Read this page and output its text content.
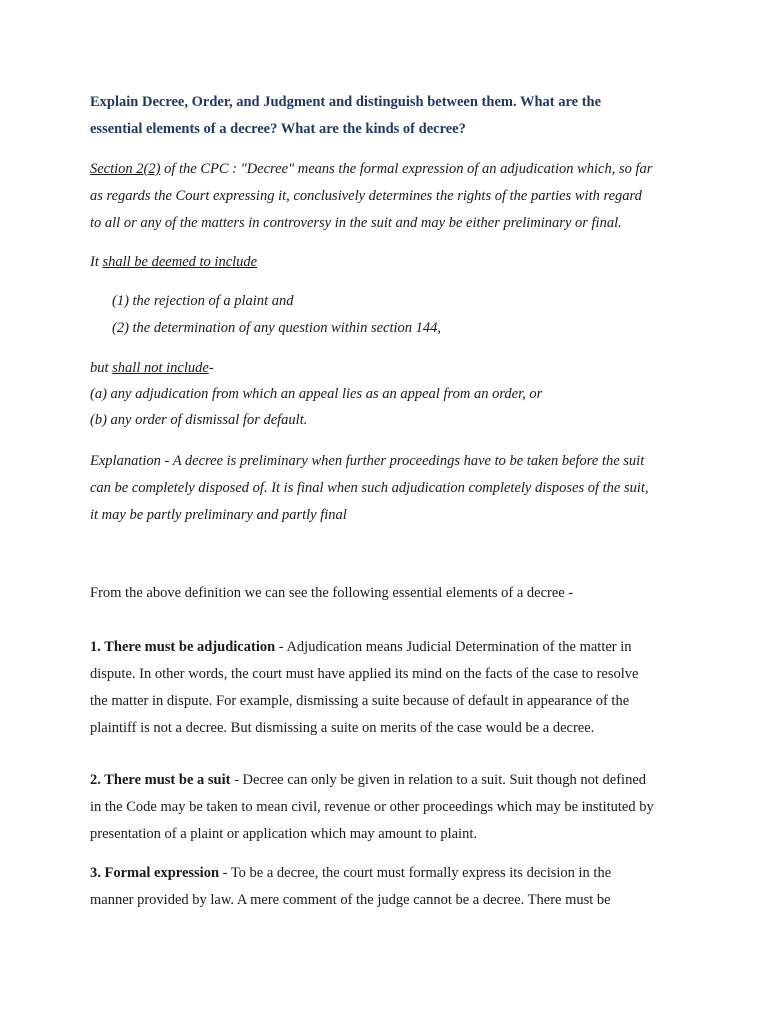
Explain Decree, Order, and Judgment and distinguish between them. What are the
essential elements of a decree? What are the kinds of decree?
Section 2(2) of the CPC : "Decree" means the formal expression of an adjudication which, so far
as regards the Court expressing it, conclusively determines the rights of the parties with regard
to all or any of the matters in controversy in the suit and may be either preliminary or final.
It shall be deemed to include
(1) the rejection of a plaint and
(2) the determination of any question within section 144,
but shall not include-
(a) any adjudication from which an appeal lies as an appeal from an order, or
(b) any order of dismissal for default.
Explanation - A decree is preliminary when further proceedings have to be taken before the suit
can be completely disposed of. It is final when such adjudication completely disposes of the suit,
it may be partly preliminary and partly final
From the above definition we can see the following essential elements of a decree -
1. There must be adjudication - Adjudication means Judicial Determination of the matter in
dispute. In other words, the court must have applied its mind on the facts of the case to resolve
the matter in dispute. For example, dismissing a suite because of default in appearance of the
plaintiff is not a decree. But dismissing a suite on merits of the case would be a decree.
2. There must be a suit - Decree can only be given in relation to a suit. Suit though not defined
in the Code may be taken to mean civil, revenue or other proceedings which may be instituted by
presentation of a plaint or application which may amount to plaint.
3. Formal expression - To be a decree, the court must formally express its decision in the
manner provided by law. A mere comment of the judge cannot be a decree. There must be
